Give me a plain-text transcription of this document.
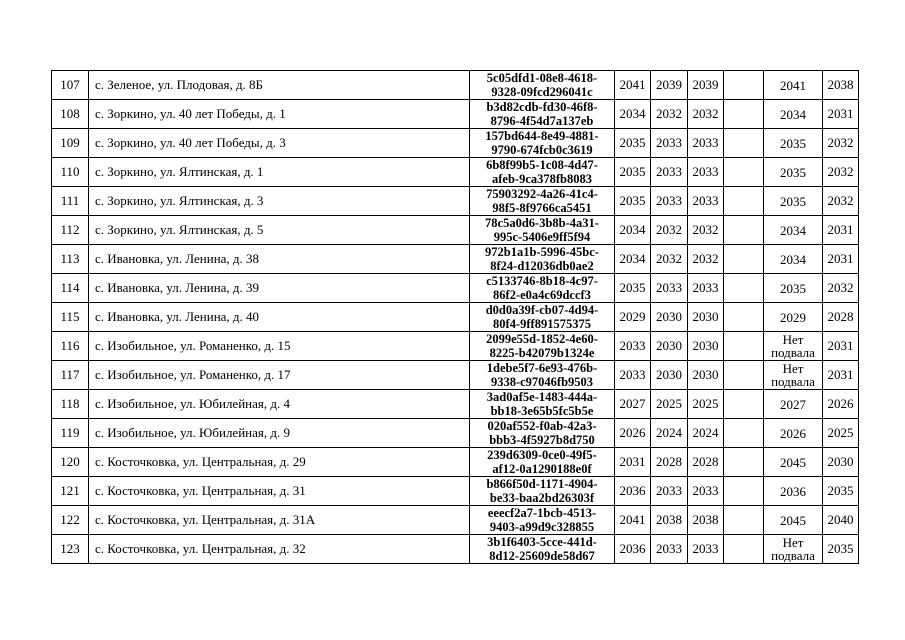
107	с. Зеленое, ул. Плодовая, д. 8Б	5c05dfd1-08e8-4618-
9328-09fcd296041c	2041	2039	2039		2041	2038
108	с. Зоркино, ул. 40 лет Победы, д. 1	b3d82cdb-fd30-46f8-
8796-4f54d7a137eb	2034	2032	2032		2034	2031
109	с. Зоркино, ул. 40 лет Победы, д. 3	157bd644-8e49-4881-
9790-674fcb0c3619	2035	2033	2033		2035	2032
110	с. Зоркино, ул. Ялтинская, д. 1	6b8f99b5-1c08-4d47-
afeb-9ca378fb8083	2035	2033	2033		2035	2032
111	с. Зоркино, ул. Ялтинская, д. 3	75903292-4a26-41c4-
98f5-8f9766ca5451	2035	2033	2033		2035	2032
112	с. Зоркино, ул. Ялтинская, д. 5	78c5a0d6-3b8b-4a31-
995c-5406e9ff5f94	2034	2032	2032		2034	2031
113	с. Ивановка, ул. Ленина, д. 38	972b1a1b-5996-45bc-
8f24-d12036db0ae2	2034	2032	2032		2034	2031
114	с. Ивановка, ул. Ленина, д. 39	c5133746-8b18-4c97-
86f2-e0a4c69dccf3	2035	2033	2033		2035	2032
115	с. Ивановка, ул. Ленина, д. 40	d0d0a39f-cb07-4d94-
80f4-9ff891575375	2029	2030	2030		2029	2028
116	с. Изобильное, ул. Романенко, д. 15	2099e55d-1852-4e60-
8225-b42079b1324e	2033	2030	2030		Нет подвала	2031
117	с. Изобильное, ул. Романенко, д. 17	1debe5f7-6e93-476b-
9338-c97046fb9503	2033	2030	2030		Нет подвала	2031
118	с. Изобильное, ул. Юбилейная, д. 4	3ad0af5e-1483-444a-
bb18-3e65b5fc5b5e	2027	2025	2025		2027	2026
119	с. Изобильное, ул. Юбилейная, д. 9	020af552-f0ab-42a3-
bbb3-4f5927b8d750	2026	2024	2024		2026	2025
120	с. Косточковка, ул. Центральная, д. 29	239d6309-0ce0-49f5-
af12-0a1290188e0f	2031	2028	2028		2045	2030
121	с. Косточковка, ул. Центральная, д. 31	b866f50d-1171-4904-
be33-baa2bd26303f	2036	2033	2033		2036	2035
122	с. Косточковка, ул. Центральная, д. 31А	eeecf2a7-1bcb-4513-
9403-a99d9c328855	2041	2038	2038		2045	2040
123	с. Косточковка, ул. Центральная, д. 32	3b1f6403-5cce-441d-
8d12-25609de58d67	2036	2033	2033		Нет подвала	2035
